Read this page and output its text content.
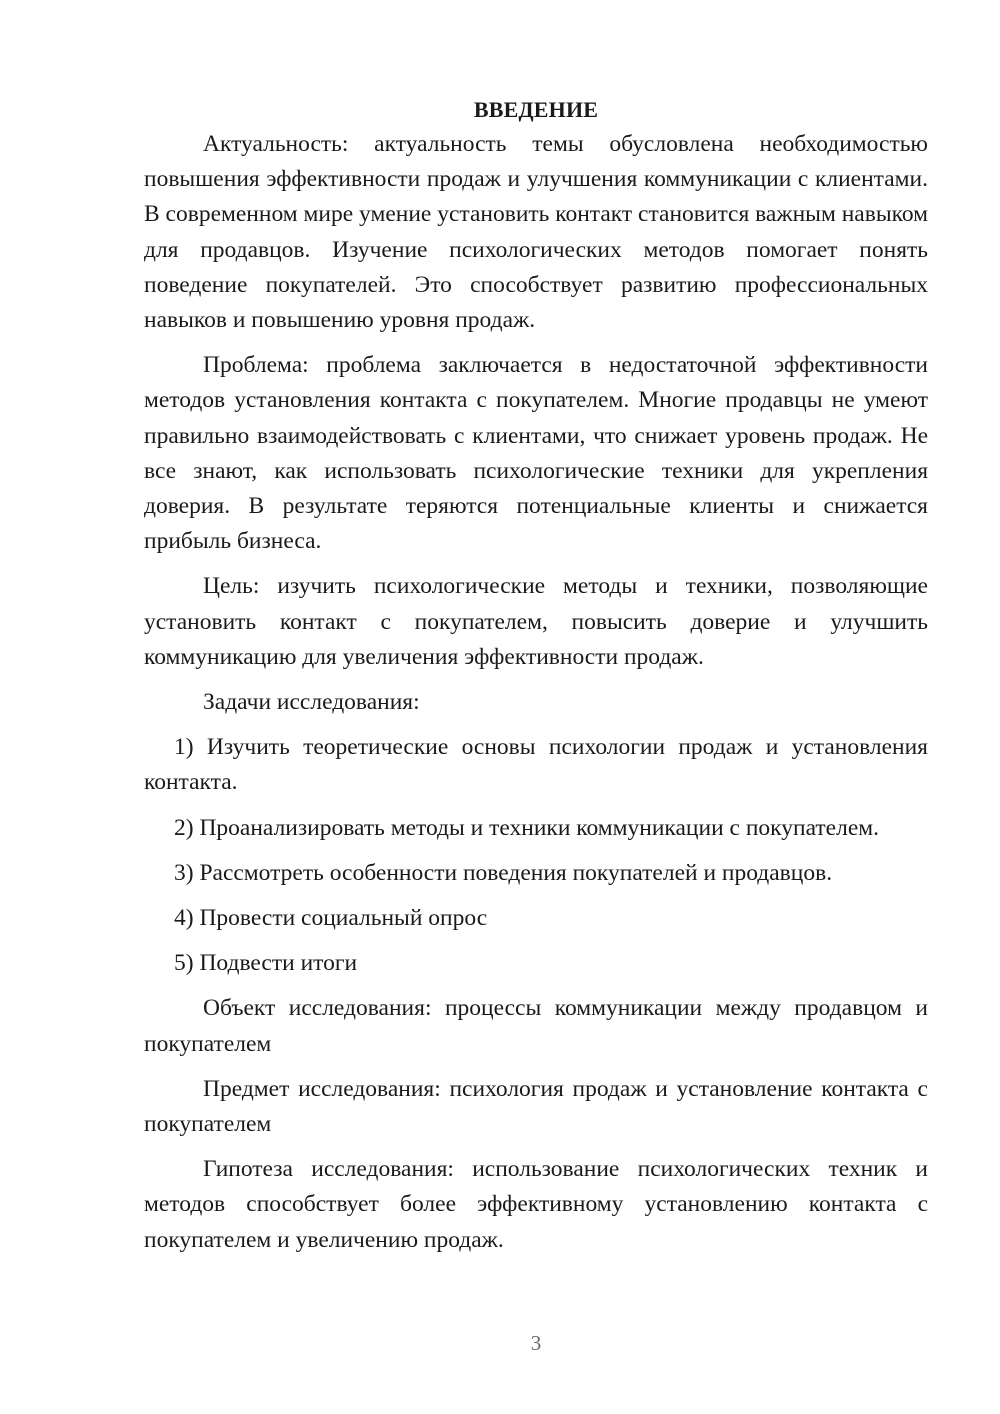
ВВЕДЕНИЕ

Актуальность: актуальность темы обусловлена необходимостью повышения эффективности продаж и улучшения коммуникации с клиентами. В современном мире умение установить контакт становится важным навыком для продавцов. Изучение психологических методов помогает понять поведение покупателей. Это способствует развитию профессиональных навыков и повышению уровня продаж.

Проблема: проблема заключается в недостаточной эффективности методов установления контакта с покупателем. Многие продавцы не умеют правильно взаимодействовать с клиентами, что снижает уровень продаж. Не все знают, как использовать психологические техники для укрепления доверия. В результате теряются потенциальные клиенты и снижается прибыль бизнеса.

Цель: изучить психологические методы и техники, позволяющие установить контакт с покупателем, повысить доверие и улучшить коммуникацию для увеличения эффективности продаж.

Задачи исследования:

1) Изучить теоретические основы психологии продаж и установления контакта.

2) Проанализировать методы и техники коммуникации с покупателем.

3) Рассмотреть особенности поведения покупателей и продавцов.

4) Провести социальный опрос

5) Подвести итоги

Объект исследования: процессы коммуникации между продавцом и покупателем

Предмет исследования: психология продаж и установление контакта с покупателем

Гипотеза исследования: использование психологических техник и методов способствует более эффективному установлению контакта с покупателем и увеличению продаж.

3
